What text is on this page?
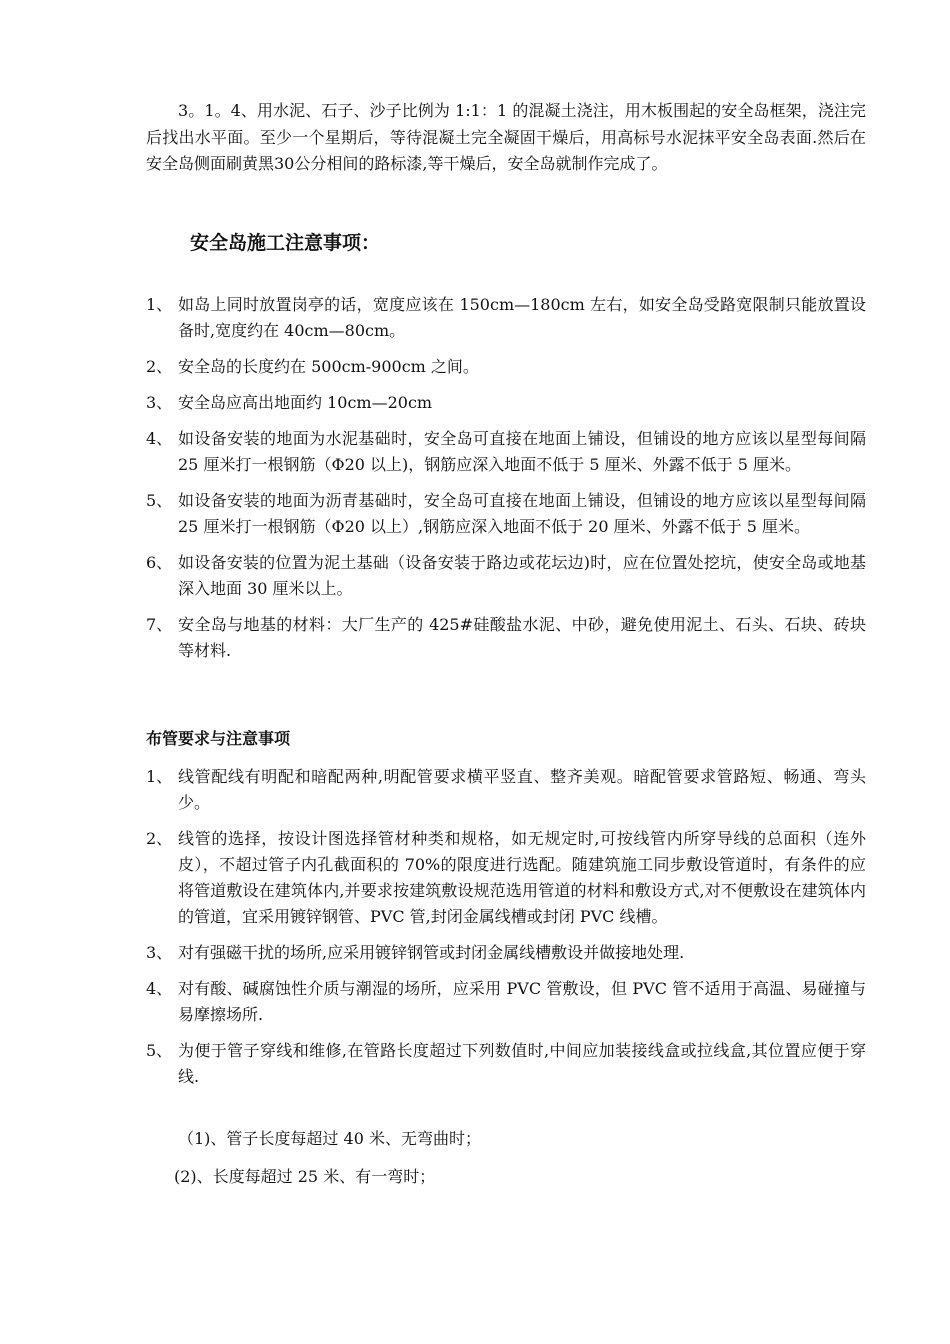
3。1。4、用水泥、石子、沙子比例为 1:1：1 的混凝土浇注，用木板围起的安全岛框架，浇注完后找出水平面。至少一个星期后，等待混凝土完全凝固干燥后，用高标号水泥抹平安全岛表面.然后在安全岛侧面刷黄黑30公分相间的路标漆,等干燥后，安全岛就制作完成了。

安全岛施工注意事项：
1、 如岛上同时放置岗亭的话，宽度应该在 150cm—180cm 左右，如安全岛受路宽限制只能放置设备时,宽度约在 40cm—80cm。
2、 安全岛的长度约在 500cm-900cm 之间。
3、 安全岛应高出地面约 10cm—20cm
4、 如设备安装的地面为水泥基础时，安全岛可直接在地面上铺设，但铺设的地方应该以星型每间隔 25 厘米打一根钢筋（Φ20 以上)，钢筋应深入地面不低于 5 厘米、外露不低于 5 厘米。
5、 如设备安装的地面为沥青基础时，安全岛可直接在地面上铺设，但铺设的地方应该以星型每间隔 25 厘米打一根钢筋（Φ20 以上）,钢筋应深入地面不低于 20 厘米、外露不低于 5 厘米。
6、 如设备安装的位置为泥土基础（设备安装于路边或花坛边)时，应在位置处挖坑，使安全岛或地基深入地面 30 厘米以上。
7、 安全岛与地基的材料：大厂生产的 425#硅酸盐水泥、中砂，避免使用泥土、石头、石块、砖块等材料.
布管要求与注意事项
1、 线管配线有明配和暗配两种,明配管要求横平竖直、整齐美观。暗配管要求管路短、畅通、弯头少。
2、 线管的选择，按设计图选择管材种类和规格，如无规定时,可按线管内所穿导线的总面积（连外皮），不超过管子内孔截面积的 70%的限度进行选配。随建筑施工同步敷设管道时，有条件的应将管道敷设在建筑体内,并要求按建筑敷设规范选用管道的材料和敷设方式,对不便敷设在建筑体内的管道，宜采用镀锌钢管、PVC 管,封闭金属线槽或封闭 PVC 线槽。
3、 对有强磁干扰的场所,应采用镀锌钢管或封闭金属线槽敷设并做接地处理.
4、 对有酸、碱腐蚀性介质与潮湿的场所，应采用 PVC 管敷设，但 PVC 管不适用于高温、易碰撞与易摩擦场所.
5、 为便于管子穿线和维修,在管路长度超过下列数值时,中间应加装接线盒或拉线盒,其位置应便于穿线.

（1)、管子长度每超过 40 米、无弯曲时；

(2)、长度每超过 25 米、有一弯时；
